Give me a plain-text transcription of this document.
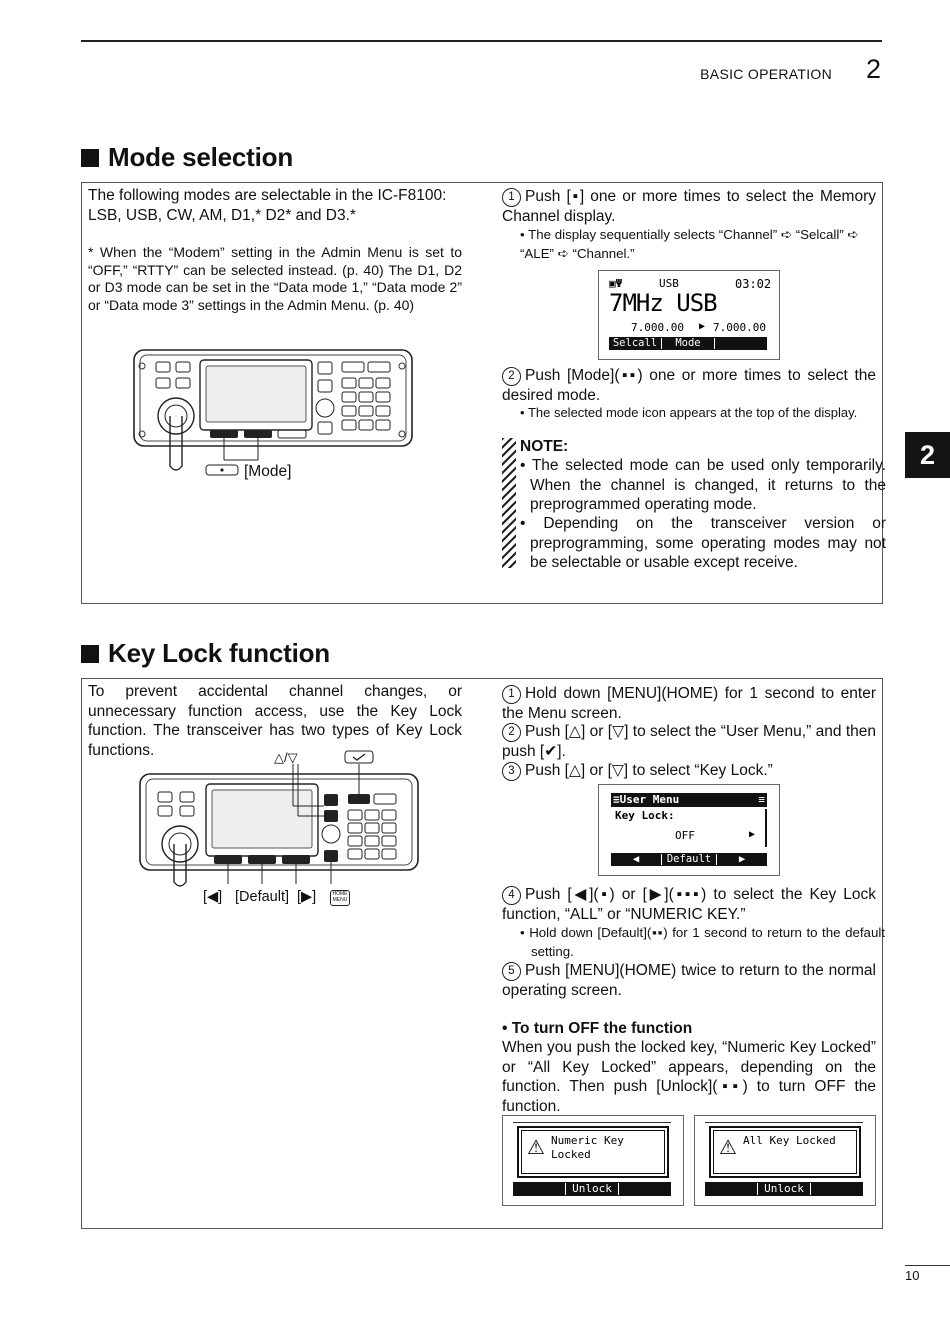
BASIC OPERATION 2
2
Mode selection
The following modes are selectable in the IC-F8100: LSB, USB, CW, AM, D1,* D2* and D3.*
* When the “Modem” setting in the Admin Menu is set to “OFF,” “RTTY” can be selected instead. (p. 40) The D1, D2 or D3 mode can be set in the “Data mode 1,” “Data mode 2” or “Data mode 3” settings in the Admin Menu. (p. 40)
[Mode]
1 Push [▪] one or more times to select the Memory Channel display.
• The display sequentially selects “Channel” ➪ “Selcall” ➪ “ALE” ➪ “Channel.”
▣Ψ	USB	03:02
7MHz USB
7.000.00 ▶ 7.000.00
Selcall	Mode
2 Push [Mode](▪▪) one or more times to select the desired mode.
• The selected mode icon appears at the top of the display.
NOTE:
• The selected mode can be used only temporarily. When the channel is changed, it returns to the preprogrammed operating mode.
• Depending on the transceiver version or preprogramming, some operating modes may not be selectable or usable except receive.
Key Lock function
To prevent accidental channel changes, or unnecessary function access, use the Key Lock function. The transceiver has two types of Key Lock functions.	△/▽
[◀] [Default] [▶]	HOME MENU
1 Hold down [MENU](HOME) for 1 second to enter the Menu screen.
2 Push [△] or [▽] to select the “User Menu,” and then push [✔].
3 Push [△] or [▽] to select “Key Lock.”
≡User Menu	≡
Key Lock:
OFF	▶
◀	Default	▶
4 Push [◀](▪) or [▶](▪▪▪) to select the Key Lock function, “ALL” or “NUMERIC KEY.”
• Hold down [Default](▪▪) for 1 second to return to the default setting.
5 Push [MENU](HOME) twice to return to the normal operating screen.
• To turn OFF the function
When you push the locked key, “Numeric Key Locked” or “All Key Locked” appears, depending on the function. Then push [Unlock](▪▪) to turn OFF the function.
⚠ Numeric Key
Locked
Unlock
⚠ All Key Locked
Unlock
10
